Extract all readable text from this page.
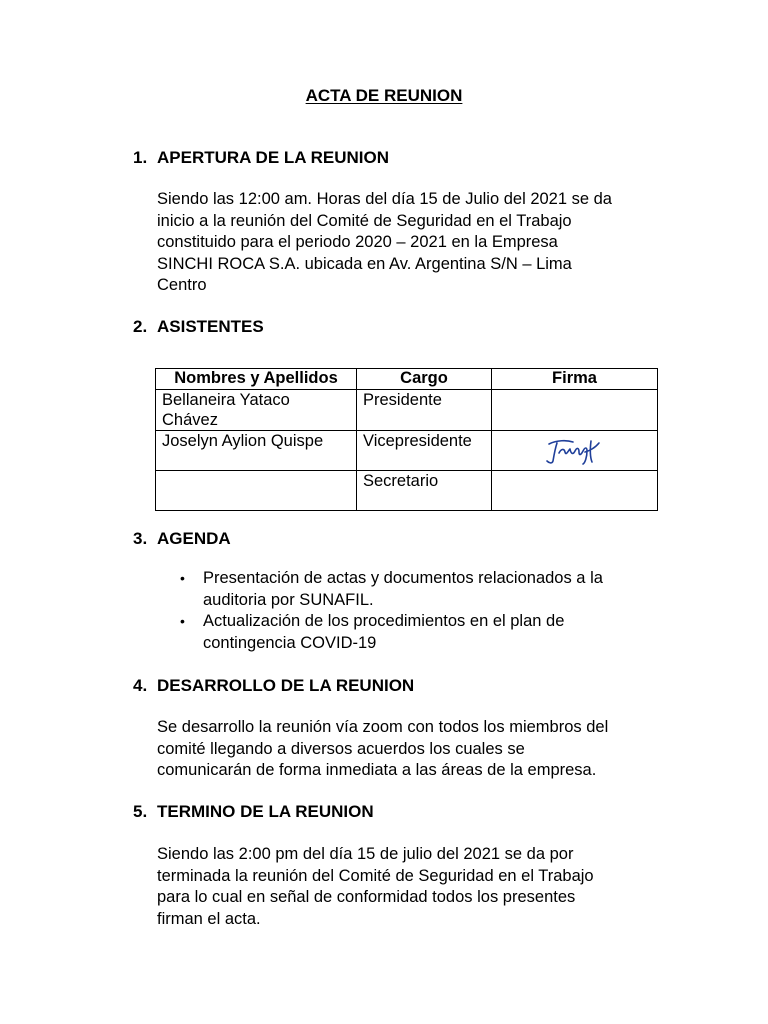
ACTA DE REUNION
1. APERTURA DE LA REUNION
Siendo las 12:00 am. Horas del día 15 de Julio del 2021 se da
inicio a la reunión del Comité de Seguridad en el Trabajo
constituido para el periodo 2020 – 2021 en la Empresa
SINCHI ROCA S.A. ubicada en Av. Argentina S/N – Lima
Centro
2. ASISTENTES
Nombres y Apellidos	Cargo	Firma

Bellaneira Yataco
Chávez	Presidente	

Joselyn Aylion Quispe	Vicepresidente	

	Secretario	
3. AGENDA
• Presentación de actas y documentos relacionados a la
auditoria por SUNAFIL.
• Actualización de los procedimientos en el plan de
contingencia COVID-19
4. DESARROLLO DE LA REUNION
Se desarrollo la reunión vía zoom con todos los miembros del
comité llegando a diversos acuerdos los cuales se
comunicarán de forma inmediata a las áreas de la empresa.
5. TERMINO DE LA REUNION
Siendo las 2:00 pm del día 15 de julio del 2021 se da por
terminada la reunión del Comité de Seguridad en el Trabajo
para lo cual en señal de conformidad todos los presentes
firman el acta.
